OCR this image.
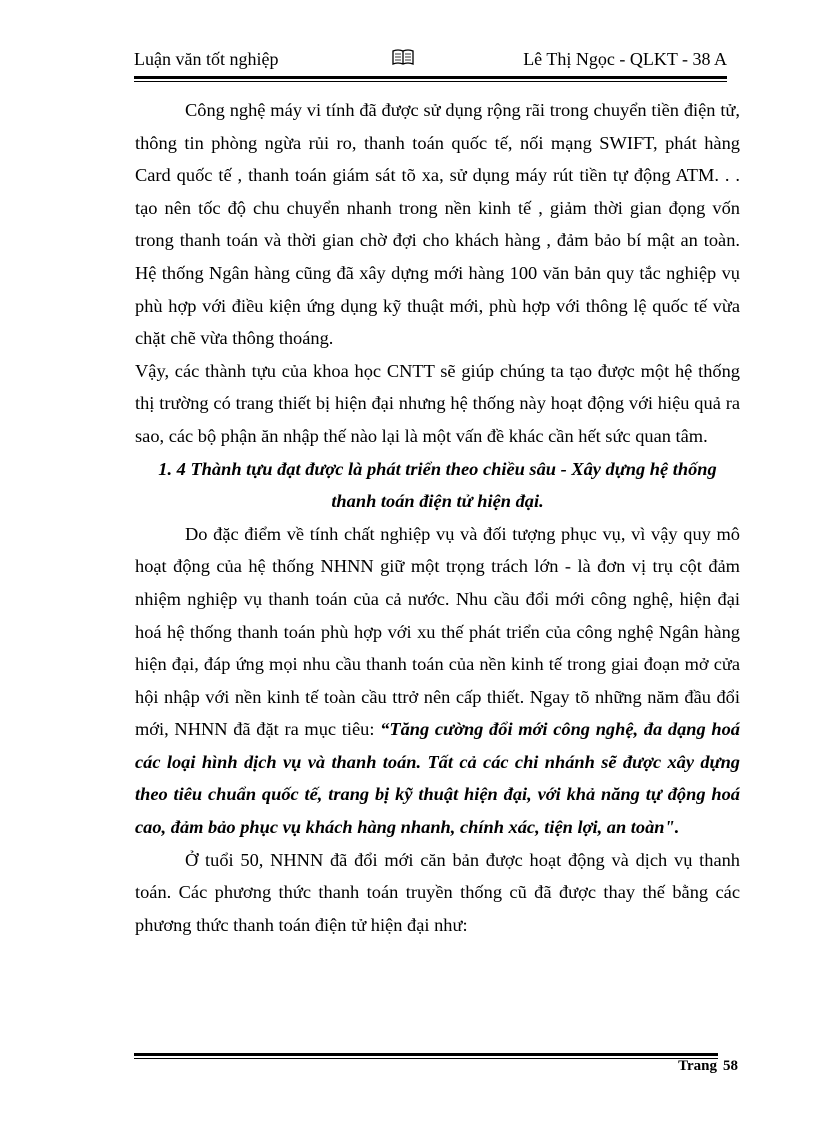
Luận văn tốt nghiệp	Lê Thị Ngọc - QLKT - 38 A

Công nghệ máy vi tính đã được sử dụng rộng rãi trong chuyển tiền điện tử, thông tin phòng ngừa rủi ro, thanh toán quốc tế, nối mạng SWIFT, phát hàng Card quốc tế , thanh toán giám sát tõ xa, sử dụng máy rút tiền tự động ATM. . . tạo nên tốc độ chu chuyển nhanh trong nền kinh tế , giảm thời gian đọng vốn trong thanh toán và thời gian chờ đợi cho khách hàng , đảm bảo bí mật an toàn. Hệ thống Ngân hàng cũng đã xây dựng mới hàng 100 văn bản quy tắc nghiệp vụ phù hợp với điều kiện ứng dụng kỹ thuật mới, phù hợp với thông lệ quốc tế vừa chặt chẽ vừa thông thoáng.

Vậy, các thành tựu của khoa học CNTT sẽ giúp chúng ta tạo được một hệ thống thị trường có trang thiết bị hiện đại nhưng hệ thống này hoạt động với hiệu quả ra sao, các bộ phận ăn nhập thế nào lại là một vấn đề khác cần hết sức quan tâm.

1. 4 Thành tựu đạt được là phát triển theo chiều sâu - Xây dựng hệ thống thanh toán điện tử hiện đại.

Do đặc điểm về tính chất nghiệp vụ và đối tượng phục vụ, vì vậy quy mô hoạt động của hệ thống NHNN giữ một trọng trách lớn - là đơn vị trụ cột đảm nhiệm nghiệp vụ thanh toán của cả nước. Nhu cầu đổi mới công nghệ, hiện đại hoá hệ thống thanh toán phù hợp với xu thế phát triển của công nghệ Ngân hàng hiện đại, đáp ứng mọi nhu cầu thanh toán của nền kinh tế trong giai đoạn mở cửa hội nhập với nền kinh tế toàn cầu ttrở nên cấp thiết. Ngay tõ những năm đầu đổi mới, NHNN đã đặt ra mục tiêu: “Tăng cường đổi mới công nghệ, đa dạng hoá các loại hình dịch vụ và thanh toán. Tất cả các chi nhánh sẽ được xây dựng theo tiêu chuẩn quốc tế, trang bị kỹ thuật hiện đại, với khả năng tự động hoá cao, đảm bảo phục vụ khách hàng nhanh, chính xác, tiện lợi, an toàn".

Ở tuổi 50, NHNN đã đổi mới căn bản được hoạt động và dịch vụ thanh toán. Các phương thức thanh toán truyền thống cũ đã được thay thế bằng các phương thức thanh toán điện tử hiện đại như:

Trang 58
